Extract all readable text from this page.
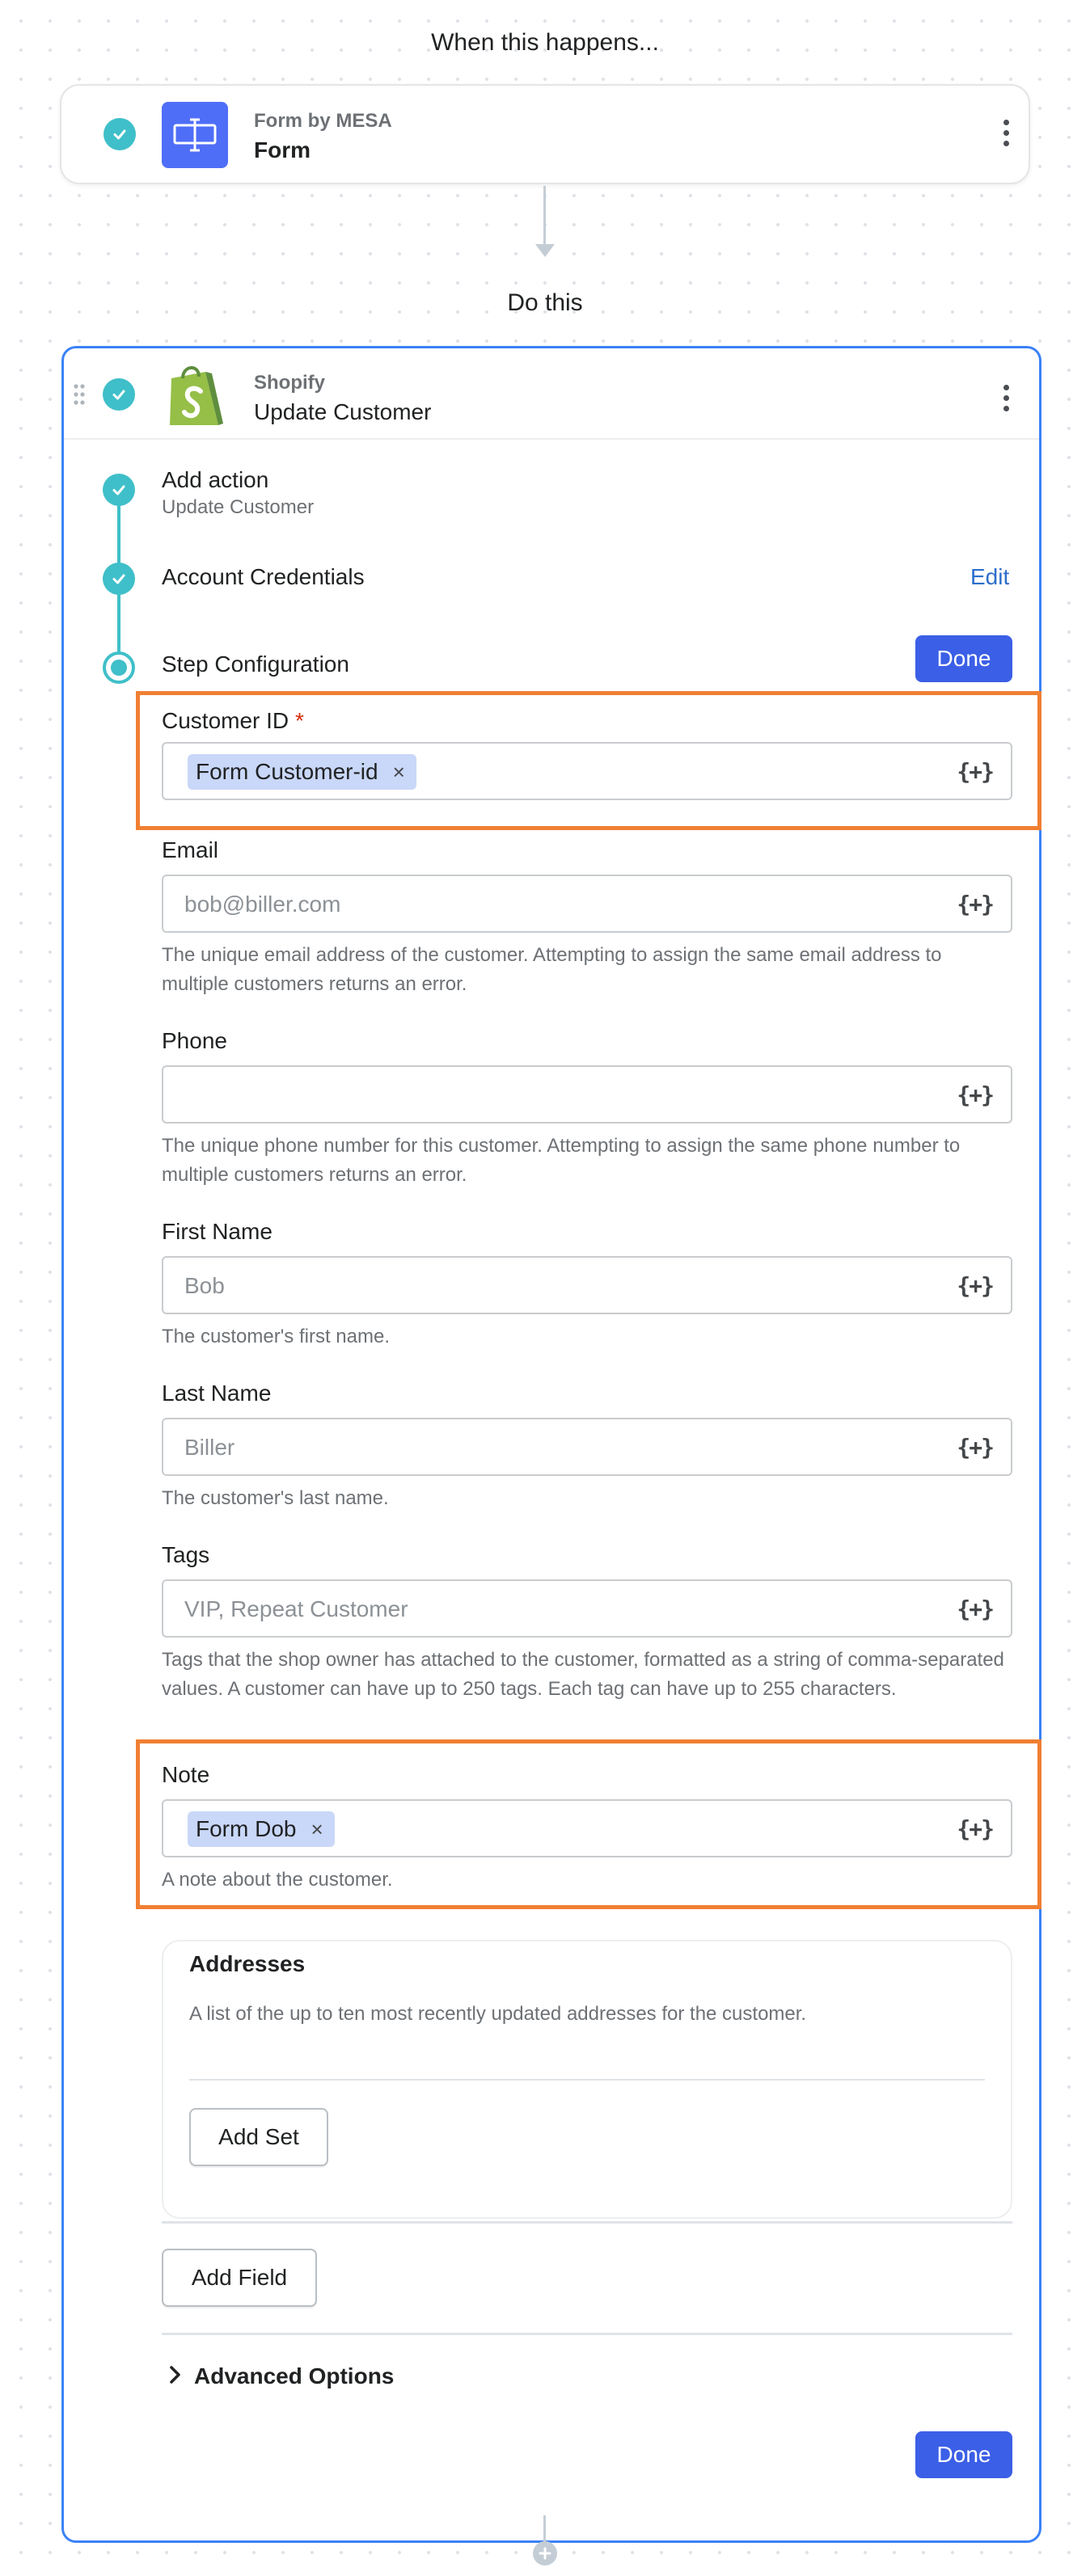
When this happens...
Form by MESA
Form
Do this
Shopify
Update Customer
Add action
Update Customer
Account Credentials	Edit
Step Configuration	Done
Customer ID *
Form Customer-id ×	{+}
Email
bob@biller.com	{+}
The unique email address of the customer. Attempting to assign the same email address to multiple customers returns an error.
Phone
{+}
The unique phone number for this customer. Attempting to assign the same phone number to multiple customers returns an error.
First Name
Bob	{+}
The customer's first name.
Last Name
Biller	{+}
The customer's last name.
Tags
VIP, Repeat Customer	{+}
Tags that the shop owner has attached to the customer, formatted as a string of comma-separated values. A customer can have up to 250 tags. Each tag can have up to 255 characters.
Note
Form Dob ×	{+}
A note about the customer.
Addresses
A list of the up to ten most recently updated addresses for the customer.
Add Set
Add Field
Advanced Options
Done
